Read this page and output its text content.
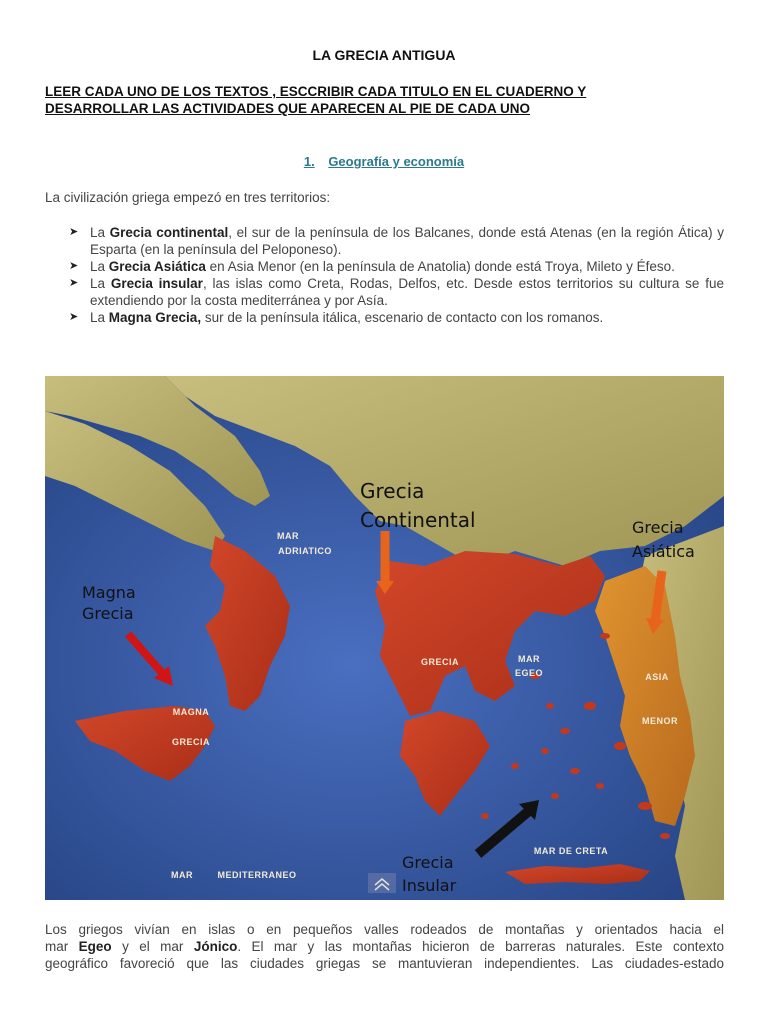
LA GRECIA ANTIGUA
LEER CADA UNO DE LOS TEXTOS , ESCCRIBIR CADA TITULO EN EL CUADERNO Y
DESARROLLAR LAS ACTIVIDADES QUE APARECEN AL PIE DE CADA UNO
1. Geografía y economía
La civilización griega empezó en tres territorios:
➤ La Grecia continental, el sur de la península de los Balcanes, donde está Atenas (en la región Ática) y Esparta (en la península del Peloponeso).
➤ La Grecia Asiática en Asia Menor (en la península de Anatolia) donde está Troya, Mileto y Éfeso.
➤ La Grecia insular, las islas como Creta, Rodas, Delfos, etc. Desde estos territorios su cultura se fue extendiendo por la costa mediterránea y por Asía.
➤ La Magna Grecia, sur de la península itálica, escenario de contacto con los romanos.
MAR
ADRIATICO
GRECIA	MAR
EGEO	ASIA
MENOR
MAGNA
GRECIA
MAR DE CRETA
MAR	MEDITERRANEO
Grecia
Continental	Grecia
Asiática
Magna
Grecia
Grecia
Insular
Los griegos vivían en islas o en pequeños valles rodeados de montañas y orientados hacia el
mar Egeo y el mar Jónico. El mar y las montañas hicieron de barreras naturales. Este contexto
geográfico favoreció que las ciudades griegas se mantuvieran independientes. Las ciudades-estado
